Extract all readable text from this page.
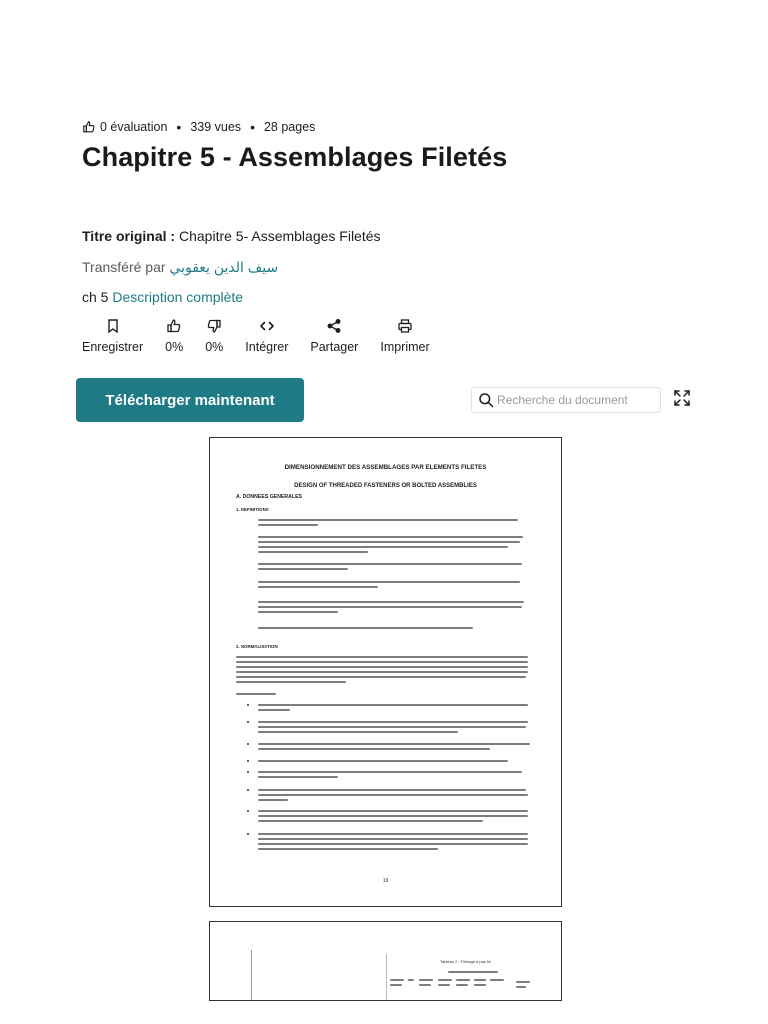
0 évaluation • 339 vues • 28 pages
Chapitre 5 - Assemblages Filetés
Titre original : Chapitre 5- Assemblages Filetés
Transféré par سيف الدين يعقوبي
ch 5 Description complète
Enregistrer 0% 0% Intégrer Partager Imprimer
Télécharger maintenant
Recherche du document
DIMENSIONNEMENT DES ASSEMBLAGES PAR ELEMENTS FILETES
DESIGN OF THREADED FASTENERS OR BOLTED ASSEMBLIES
A. DONNEES GENERALES
1. DEFINITIONS
2. NORMALISATION
19
Tableau 2 : Filetage à pas fin
